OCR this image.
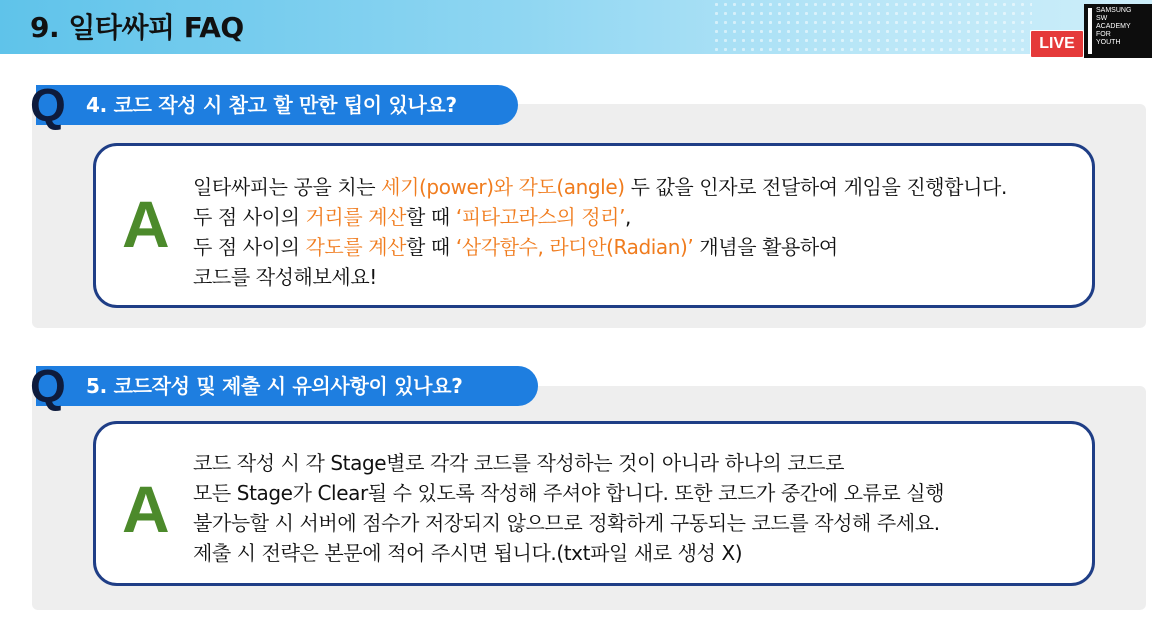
9. 일타싸피 FAQ	LIVE
SAMSUNG
SW
ACADEMY
FOR
YOUTH
4. 코드 작성 시 참고 할 만한 팁이 있나요?
Q
A 일타싸피는 공을 치는 세기(power)와 각도(angle) 두 값을 인자로 전달하여 게임을 진행합니다.
두 점 사이의 거리를 계산할 때 ‘피타고라스의 정리’,
두 점 사이의 각도를 계산할 때 ‘삼각함수, 라디안(Radian)’ 개념을 활용하여
코드를 작성해보세요!
5. 코드작성 및 제출 시 유의사항이 있나요?
Q
A
코드 작성 시 각 Stage별로 각각 코드를 작성하는 것이 아니라 하나의 코드로
모든 Stage가 Clear될 수 있도록 작성해 주셔야 합니다. 또한 코드가 중간에 오류로 실행
불가능할 시 서버에 점수가 저장되지 않으므로 정확하게 구동되는 코드를 작성해 주세요.
제출 시 전략은 본문에 적어 주시면 됩니다.(txt파일 새로 생성 X)
